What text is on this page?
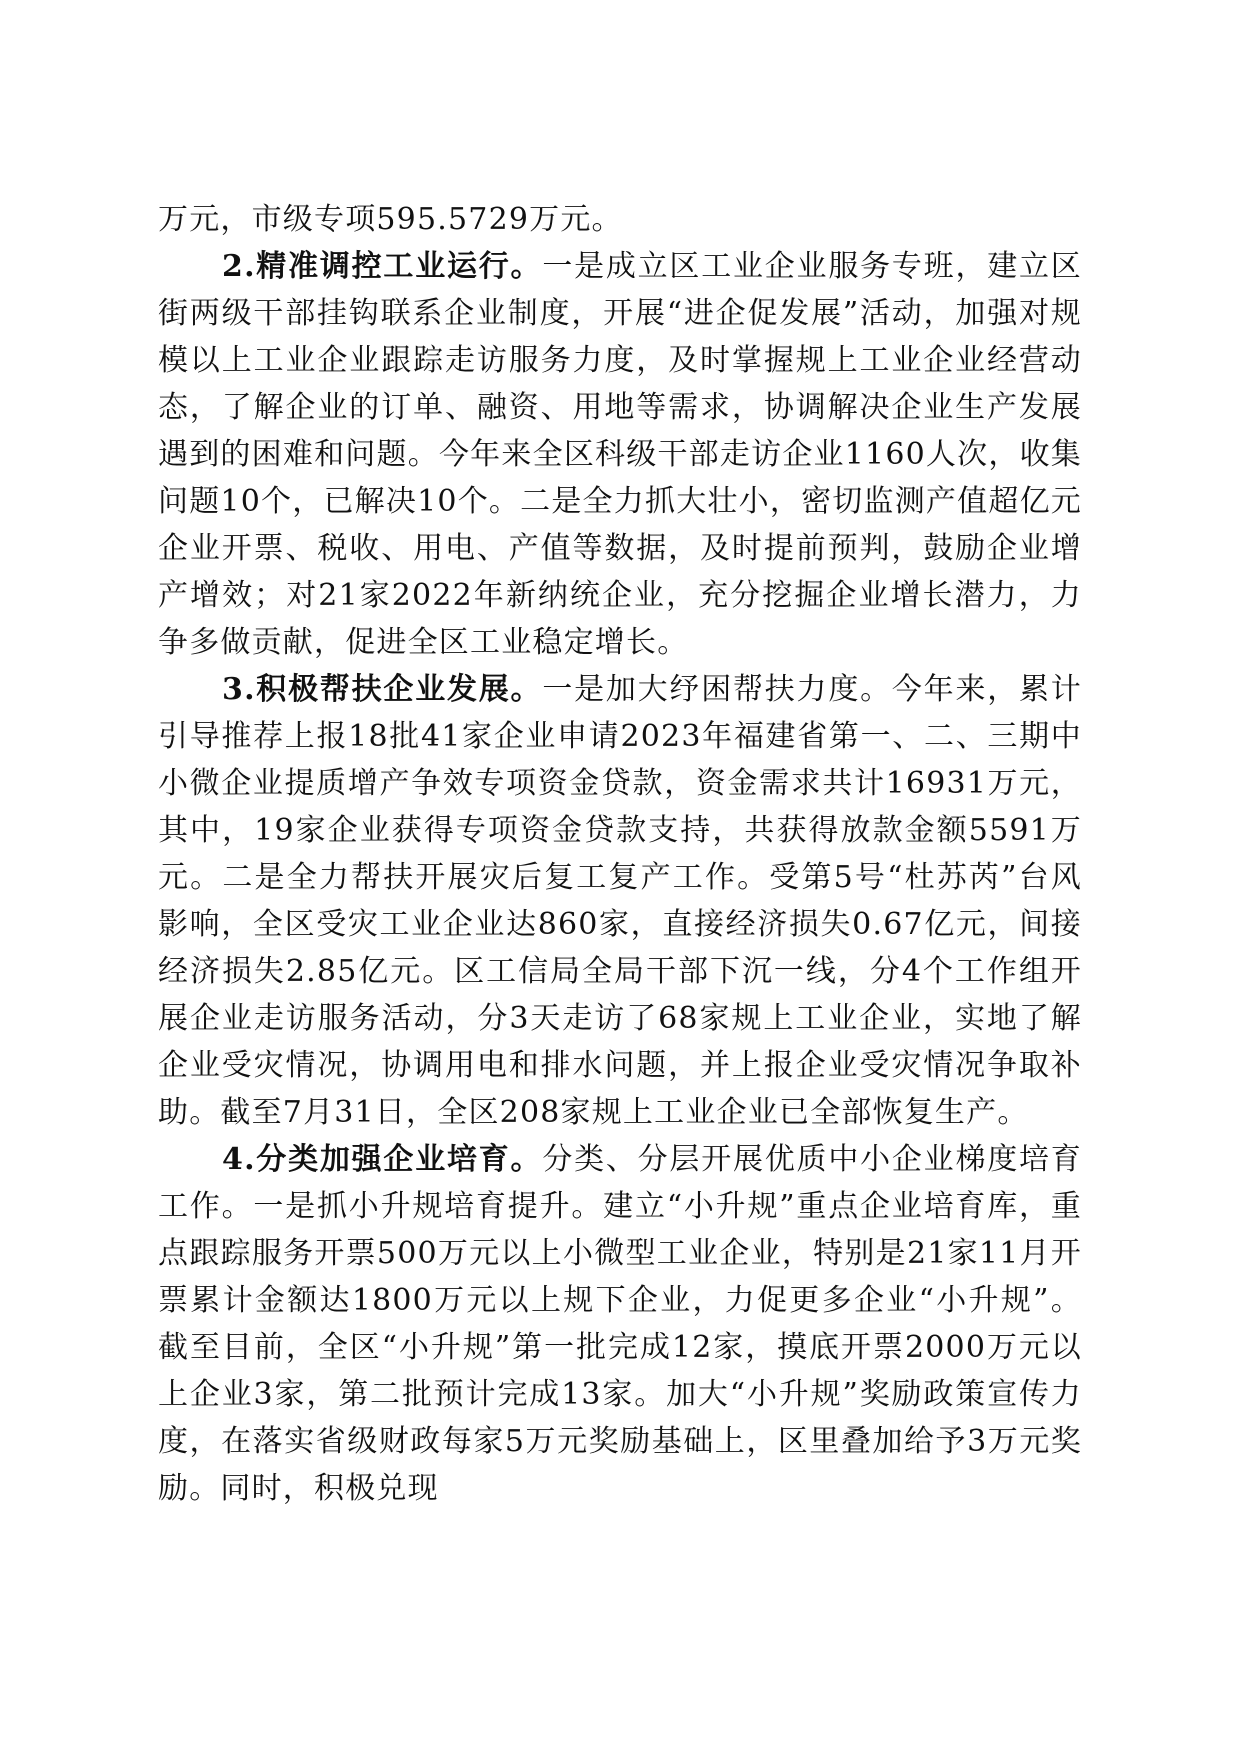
万元，市级专项595.5729万元。

2.精准调控工业运行。一是成立区工业企业服务专班，建立区街两级干部挂钩联系企业制度，开展“进企促发展”活动，加强对规模以上工业企业跟踪走访服务力度，及时掌握规上工业企业经营动态，了解企业的订单、融资、用地等需求，协调解决企业生产发展遇到的困难和问题。今年来全区科级干部走访企业1160人次，收集问题10个，已解决10个。二是全力抓大壮小，密切监测产值超亿元企业开票、税收、用电、产值等数据，及时提前预判，鼓励企业增产增效；对21家2022年新纳统企业，充分挖掘企业增长潜力，力争多做贡献，促进全区工业稳定增长。

3.积极帮扶企业发展。一是加大纾困帮扶力度。今年来，累计引导推荐上报18批41家企业申请2023年福建省第一、二、三期中小微企业提质增产争效专项资金贷款，资金需求共计16931万元，其中，19家企业获得专项资金贷款支持，共获得放款金额5591万元。二是全力帮扶开展灾后复工复产工作。受第5号“杜苏芮”台风影响，全区受灾工业企业达860家，直接经济损失0.67亿元，间接经济损失2.85亿元。区工信局全局干部下沉一线，分4个工作组开展企业走访服务活动，分3天走访了68家规上工业企业，实地了解企业受灾情况，协调用电和排水问题，并上报企业受灾情况争取补助。截至7月31日，全区208家规上工业企业已全部恢复生产。

4.分类加强企业培育。分类、分层开展优质中小企业梯度培育工作。一是抓小升规培育提升。建立“小升规”重点企业培育库，重点跟踪服务开票500万元以上小微型工业企业，特别是21家11月开票累计金额达1800万元以上规下企业，力促更多企业“小升规”。截至目前，全区“小升规”第一批完成12家，摸底开票2000万元以上企业3家，第二批预计完成13家。加大“小升规”奖励政策宣传力度，在落实省级财政每家5万元奖励基础上，区里叠加给予3万元奖励。同时，积极兑现
